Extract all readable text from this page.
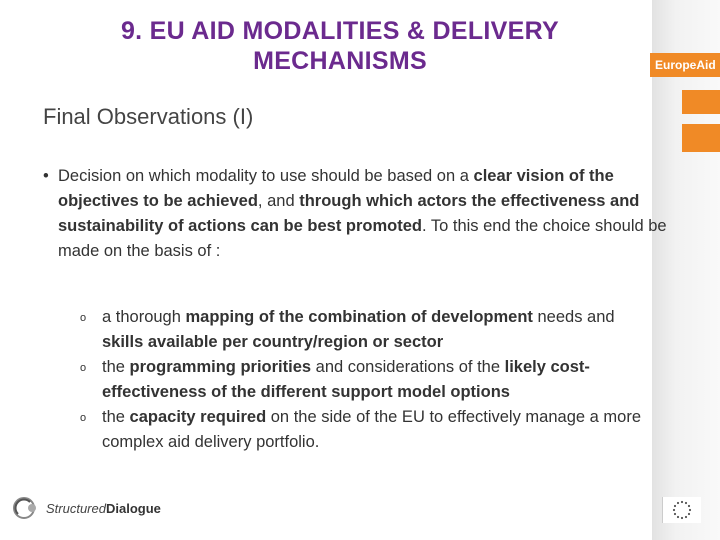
EuropeAid
9. EU AID MODALITIES & DELIVERY
MECHANISMS
Final Observations (I)
• Decision on which modality to use should be based on a clear vision of the objectives to be achieved, and through which actors the effectiveness and sustainability of actions can be best promoted. To this end the choice should be made on the basis of :
o a thorough mapping of the combination of development needs and skills available per country/region or sector
o the programming priorities and considerations of the likely cost-effectiveness of the different support model options
o the capacity required on the side of the EU to effectively manage a more complex aid delivery portfolio.
StructuredDialogue
